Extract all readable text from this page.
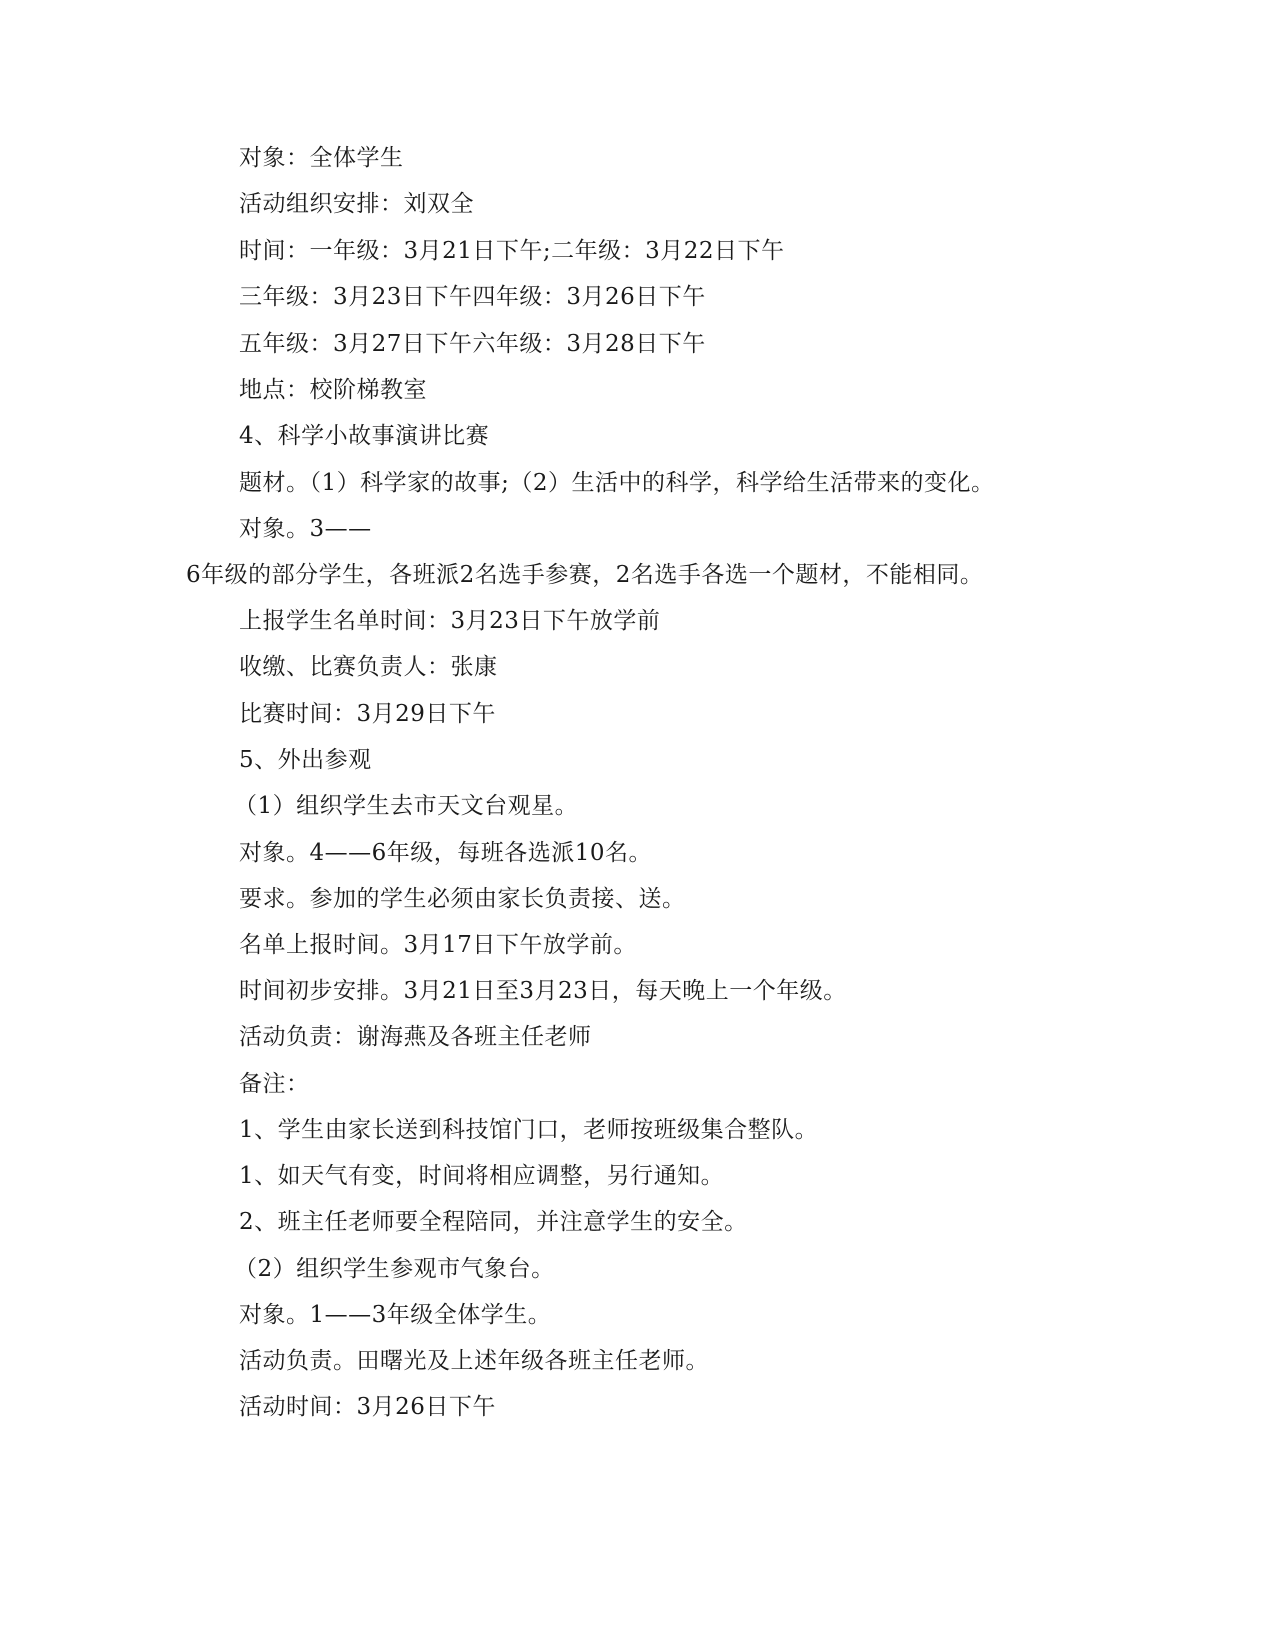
对象：全体学生
活动组织安排：刘双全
时间：一年级：3月21日下午;二年级：3月22日下午
三年级：3月23日下午四年级：3月26日下午
五年级：3月27日下午六年级：3月28日下午
地点：校阶梯教室
4、科学小故事演讲比赛
题材。（1）科学家的故事;（2）生活中的科学，科学给生活带来的变化。
对象。3——
6年级的部分学生，各班派2名选手参赛，2名选手各选一个题材，不能相同。
上报学生名单时间：3月23日下午放学前
收缴、比赛负责人：张康
比赛时间：3月29日下午
5、外出参观
（1）组织学生去市天文台观星。
对象。4——6年级，每班各选派10名。
要求。参加的学生必须由家长负责接、送。
名单上报时间。3月17日下午放学前。
时间初步安排。3月21日至3月23日，每天晚上一个年级。
活动负责：谢海燕及各班主任老师
备注：
1、学生由家长送到科技馆门口，老师按班级集合整队。
1、如天气有变，时间将相应调整，另行通知。
2、班主任老师要全程陪同，并注意学生的安全。
（2）组织学生参观市气象台。
对象。1——3年级全体学生。
活动负责。田曙光及上述年级各班主任老师。
活动时间：3月26日下午
